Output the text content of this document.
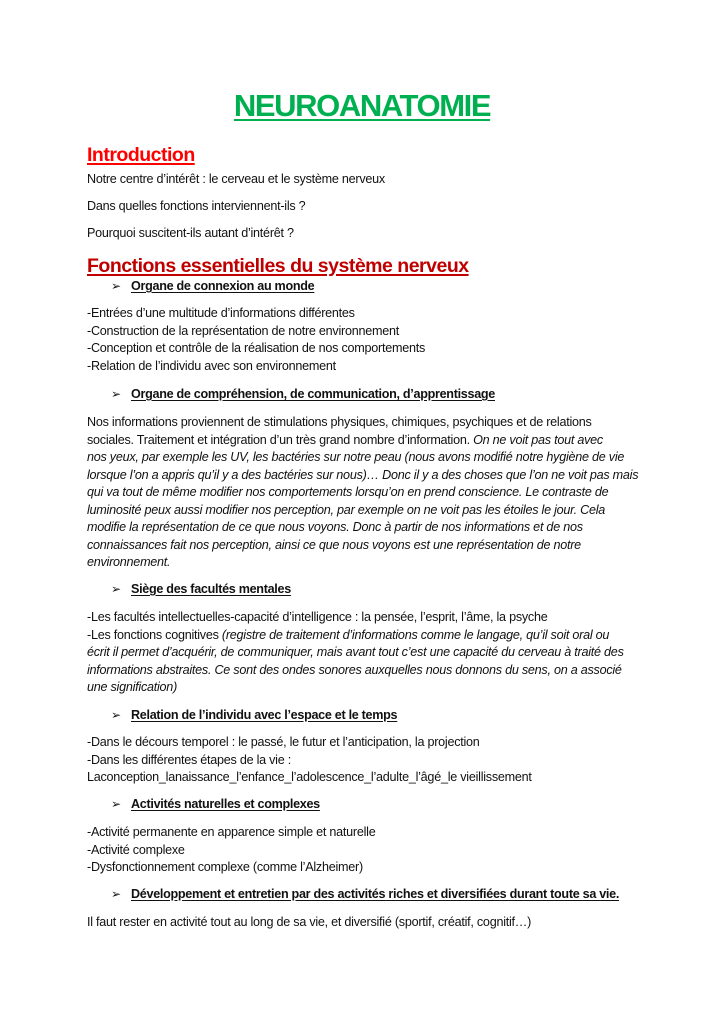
NEUROANATOMIE
Introduction

Notre centre d’intérêt : le cerveau et le système nerveux

Dans quelles fonctions interviennent-ils ?

Pourquoi suscitent-ils autant d’intérêt ?

Fonctions essentielles du système nerveux
➢ Organe de connexion au monde
-Entrées d’une multitude d’informations différentes
-Construction de la représentation de notre environnement
-Conception et contrôle de la réalisation de nos comportements
-Relation de l’individu avec son environnement
➢ Organe de compréhension, de communication, d’apprentissage
Nos informations proviennent de stimulations physiques, chimiques, psychiques et de relations
sociales. Traitement et intégration d’un très grand nombre d’information. On ne voit pas tout avec
nos yeux, par exemple les UV, les bactéries sur notre peau (nous avons modifié notre hygiène de vie
lorsque l’on a appris qu’il y a des bactéries sur nous)… Donc il y a des choses que l’on ne voit pas mais
qui va tout de même modifier nos comportements lorsqu’on en prend conscience. Le contraste de
luminosité peux aussi modifier nos perception, par exemple on ne voit pas les étoiles le jour. Cela
modifie la représentation de ce que nous voyons. Donc à partir de nos informations et de nos
connaissances fait nos perception, ainsi ce que nous voyons est une représentation de notre
environnement.
➢ Siège des facultés mentales
-Les facultés intellectuelles-capacité d’intelligence : la pensée, l’esprit, l’âme, la psyche
-Les fonctions cognitives (registre de traitement d’informations comme le langage, qu’il soit oral ou
écrit il permet d’acquérir, de communiquer, mais avant tout c’est une capacité du cerveau à traité des
informations abstraites. Ce sont des ondes sonores auxquelles nous donnons du sens, on a associé
une signification)
➢ Relation de l’individu avec l’espace et le temps
-Dans le décours temporel : le passé, le futur et l’anticipation, la projection
-Dans les différentes étapes de la vie :
Laconception_lanaissance_l’enfance_l’adolescence_l’adulte_l’âgé_le vieillissement
➢ Activités naturelles et complexes
-Activité permanente en apparence simple et naturelle
-Activité complexe
-Dysfonctionnement complexe (comme l’Alzheimer)
➢ Développement et entretien par des activités riches et diversifiées durant toute sa vie.
Il faut rester en activité tout au long de sa vie, et diversifié (sportif, créatif, cognitif…)
